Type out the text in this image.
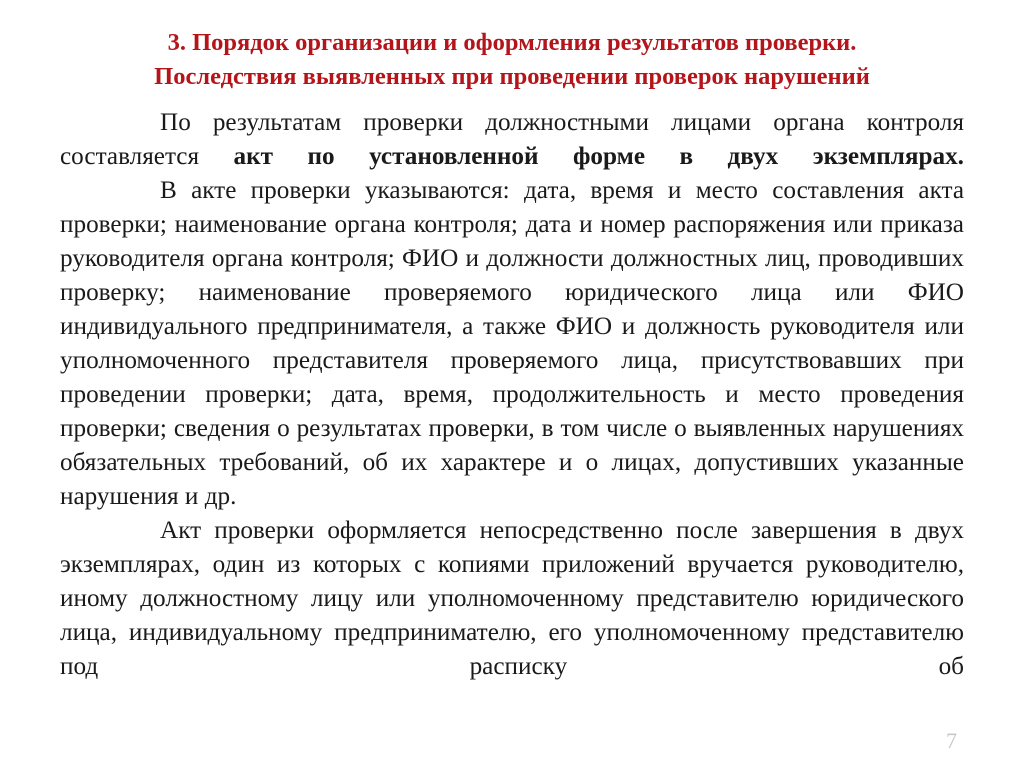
3. Порядок организации и оформления результатов проверки.
Последствия выявленных при проведении проверок нарушений

По результатам проверки должностными лицами органа контроля составляется акт по установленной форме в двух экземплярах.

В акте проверки указываются: дата, время и место составления акта проверки; наименование органа контроля; дата и номер распоряжения или приказа руководителя органа контроля; ФИО и должности должностных лиц, проводивших проверку; наименование проверяемого юридического лица или ФИО индивидуального предпринимателя, а также ФИО и должность руководителя или уполномоченного представителя проверяемого лица, присутствовавших при проведении проверки; дата, время, продолжительность и место проведения проверки; сведения о результатах проверки, в том числе о выявленных нарушениях обязательных требований, об их характере и о лицах, допустивших указанные нарушения и др.

Акт проверки оформляется непосредственно после завершения в двух экземплярах, один из которых с копиями приложений вручается руководителю, иному должностному лицу или уполномоченному представителю юридического лица, индивидуальному предпринимателю, его уполномоченному представителю под расписку об

7
